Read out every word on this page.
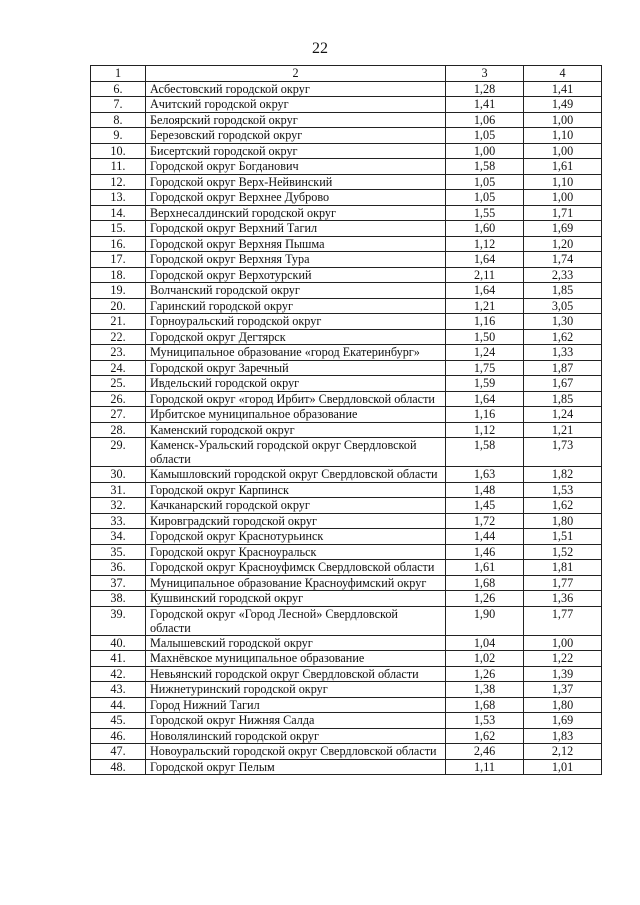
22
1	2	3	4
6.	Асбестовский городской округ	1,28	1,41
7.	Ачитский городской округ	1,41	1,49
8.	Белоярский городской округ	1,06	1,00
9.	Березовский городской округ	1,05	1,10
10.	Бисертский городской округ	1,00	1,00
11.	Городской округ Богданович	1,58	1,61
12.	Городской округ Верх-Нейвинский	1,05	1,10
13.	Городской округ Верхнее Дуброво	1,05	1,00
14.	Верхнесалдинский городской округ	1,55	1,71
15.	Городской округ Верхний Тагил	1,60	1,69
16.	Городской округ Верхняя Пышма	1,12	1,20
17.	Городской округ Верхняя Тура	1,64	1,74
18.	Городской округ Верхотурский	2,11	2,33
19.	Волчанский городской округ	1,64	1,85
20.	Гаринский городской округ	1,21	3,05
21.	Горноуральский городской округ	1,16	1,30
22.	Городской округ Дегтярск	1,50	1,62
23.	Муниципальное образование «город Екатеринбург»	1,24	1,33
24.	Городской округ Заречный	1,75	1,87
25.	Ивдельский городской округ	1,59	1,67
26.	Городской округ «город Ирбит» Свердловской области	1,64	1,85
27.	Ирбитское муниципальное образование	1,16	1,24
28.	Каменский городской округ	1,12	1,21
29.	Каменск-Уральский городской округ Свердловской области	1,58	1,73
30.	Камышловский городской округ Свердловской области	1,63	1,82
31.	Городской округ Карпинск	1,48	1,53
32.	Качканарский городской округ	1,45	1,62
33.	Кировградский городской округ	1,72	1,80
34.	Городской округ Краснотурьинск	1,44	1,51
35.	Городской округ Красноуральск	1,46	1,52
36.	Городской округ Красноуфимск Свердловской области	1,61	1,81
37.	Муниципальное образование Красноуфимский округ	1,68	1,77
38.	Кушвинский городской округ	1,26	1,36
39.	Городской округ «Город Лесной» Свердловской области	1,90	1,77
40.	Малышевский городской округ	1,04	1,00
41.	Махнёвское муниципальное образование	1,02	1,22
42.	Невьянский городской округ Свердловской области	1,26	1,39
43.	Нижнетуринский городской округ	1,38	1,37
44.	Город Нижний Тагил	1,68	1,80
45.	Городской округ Нижняя Салда	1,53	1,69
46.	Новолялинский городской округ	1,62	1,83
47.	Новоуральский городской округ Свердловской области	2,46	2,12
48.	Городской округ Пелым	1,11	1,01
